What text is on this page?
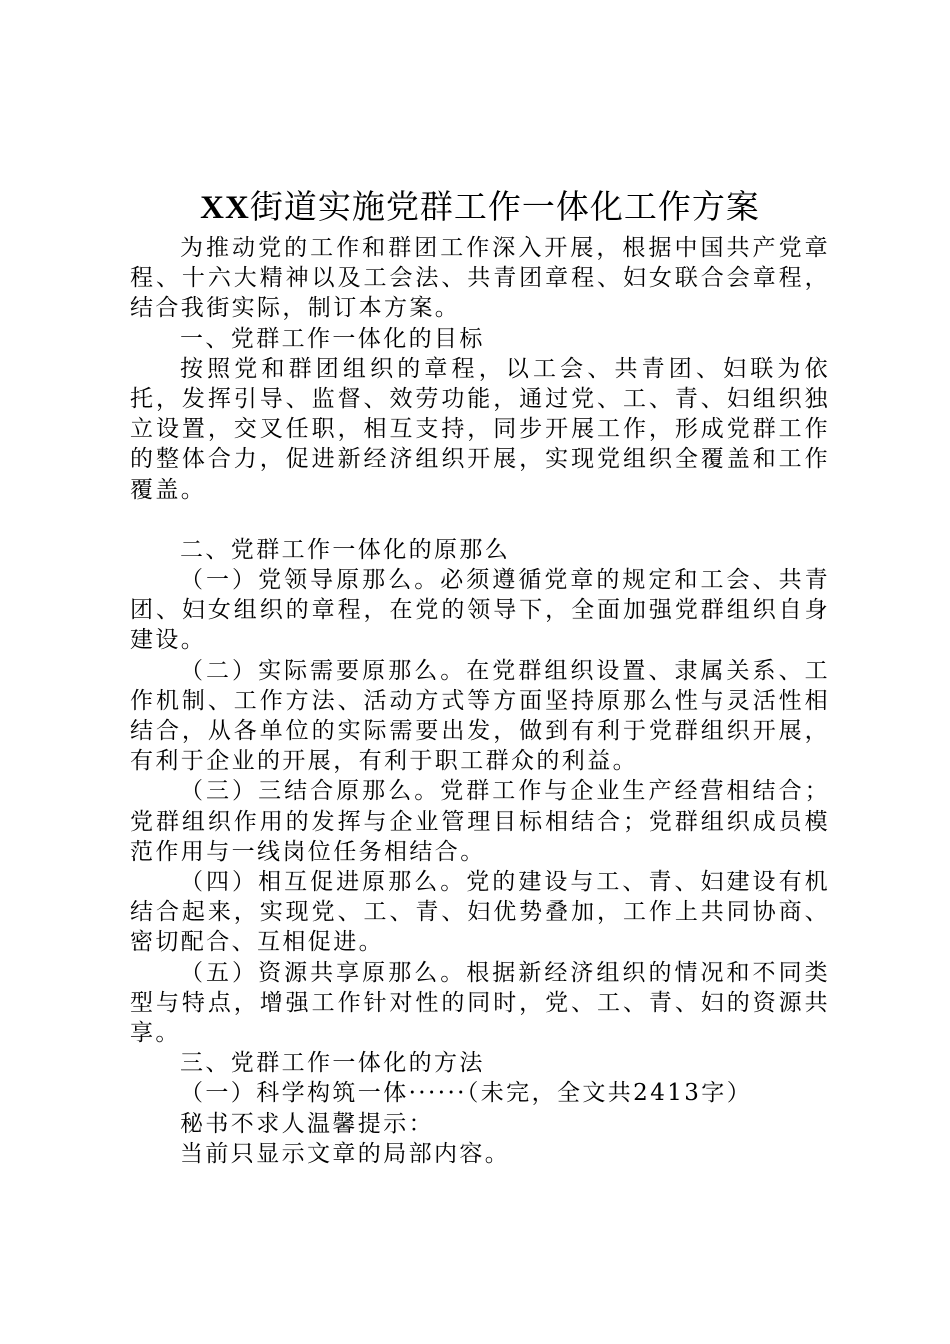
XX街道实施党群工作一体化工作方案

为推动党的工作和群团工作深入开展，根据中国共产党章程、十六大精神以及工会法、共青团章程、妇女联合会章程，结合我街实际，制订本方案。

一、党群工作一体化的目标

按照党和群团组织的章程，以工会、共青团、妇联为依托，发挥引导、监督、效劳功能，通过党、工、青、妇组织独立设置，交叉任职，相互支持，同步开展工作，形成党群工作的整体合力，促进新经济组织开展，实现党组织全覆盖和工作覆盖。

二、党群工作一体化的原那么

（一）党领导原那么。必须遵循党章的规定和工会、共青团、妇女组织的章程，在党的领导下，全面加强党群组织自身建设。

（二）实际需要原那么。在党群组织设置、隶属关系、工作机制、工作方法、活动方式等方面坚持原那么性与灵活性相结合，从各单位的实际需要出发，做到有利于党群组织开展，有利于企业的开展，有利于职工群众的利益。

（三）三结合原那么。党群工作与企业生产经营相结合；党群组织作用的发挥与企业管理目标相结合；党群组织成员模范作用与一线岗位任务相结合。

（四）相互促进原那么。党的建设与工、青、妇建设有机结合起来，实现党、工、青、妇优势叠加，工作上共同协商、密切配合、互相促进。

（五）资源共享原那么。根据新经济组织的情况和不同类型与特点，增强工作针对性的同时，党、工、青、妇的资源共享。

三、党群工作一体化的方法

（一）科学构筑一体······（未完，全文共2413字）

秘书不求人温馨提示：

当前只显示文章的局部内容。
